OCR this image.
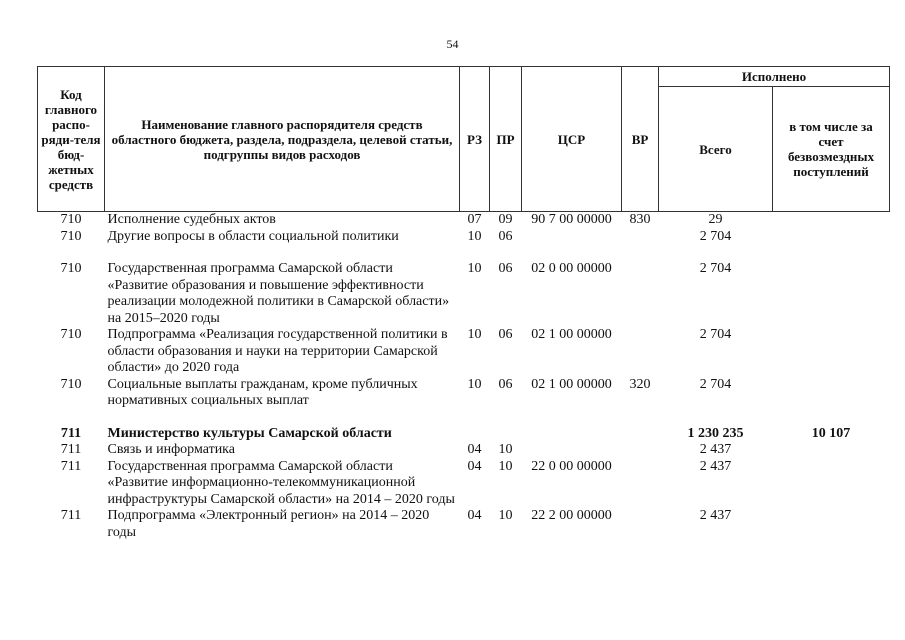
54
Код главного распо-ряди-теля бюд-жетных средств	Наименование главного распорядителя средств областного бюджета, раздела, подраздела, целевой статьи, подгруппы видов расходов	РЗ	ПР	ЦСР	ВР	Исполнено	
						Всего	в том числе за счет безвозмездных поступлений
710	Исполнение судебных актов	07	09	90 7 00 00000	830	29	
710	Другие вопросы в области социальной политики	10	06			2 704	

710	Государственная программа Самарской области «Развитие образования и повышение эффективности реализации молодежной политики в Самарской области» на 2015–2020 годы	10	06	02 0 00 00000		2 704	
710	Подпрограмма «Реализация государственной политики в области образования и науки на территории Самарской области» до 2020 года	10	06	02 1 00 00000		2 704	
710	Социальные выплаты гражданам, кроме публичных нормативных социальных выплат	10	06	02 1 00 00000	320	2 704	

711	Министерство культуры Самарской области					1 230 235	10 107
711	Связь и информатика	04	10			2 437	
711	Государственная программа Самарской области «Развитие информационно-телекоммуникационной инфраструктуры Самарской области» на 2014 – 2020 годы	04	10	22 0 00 00000		2 437	
711	Подпрограмма «Электронный регион» на 2014 – 2020 годы	04	10	22 2 00 00000		2 437	
